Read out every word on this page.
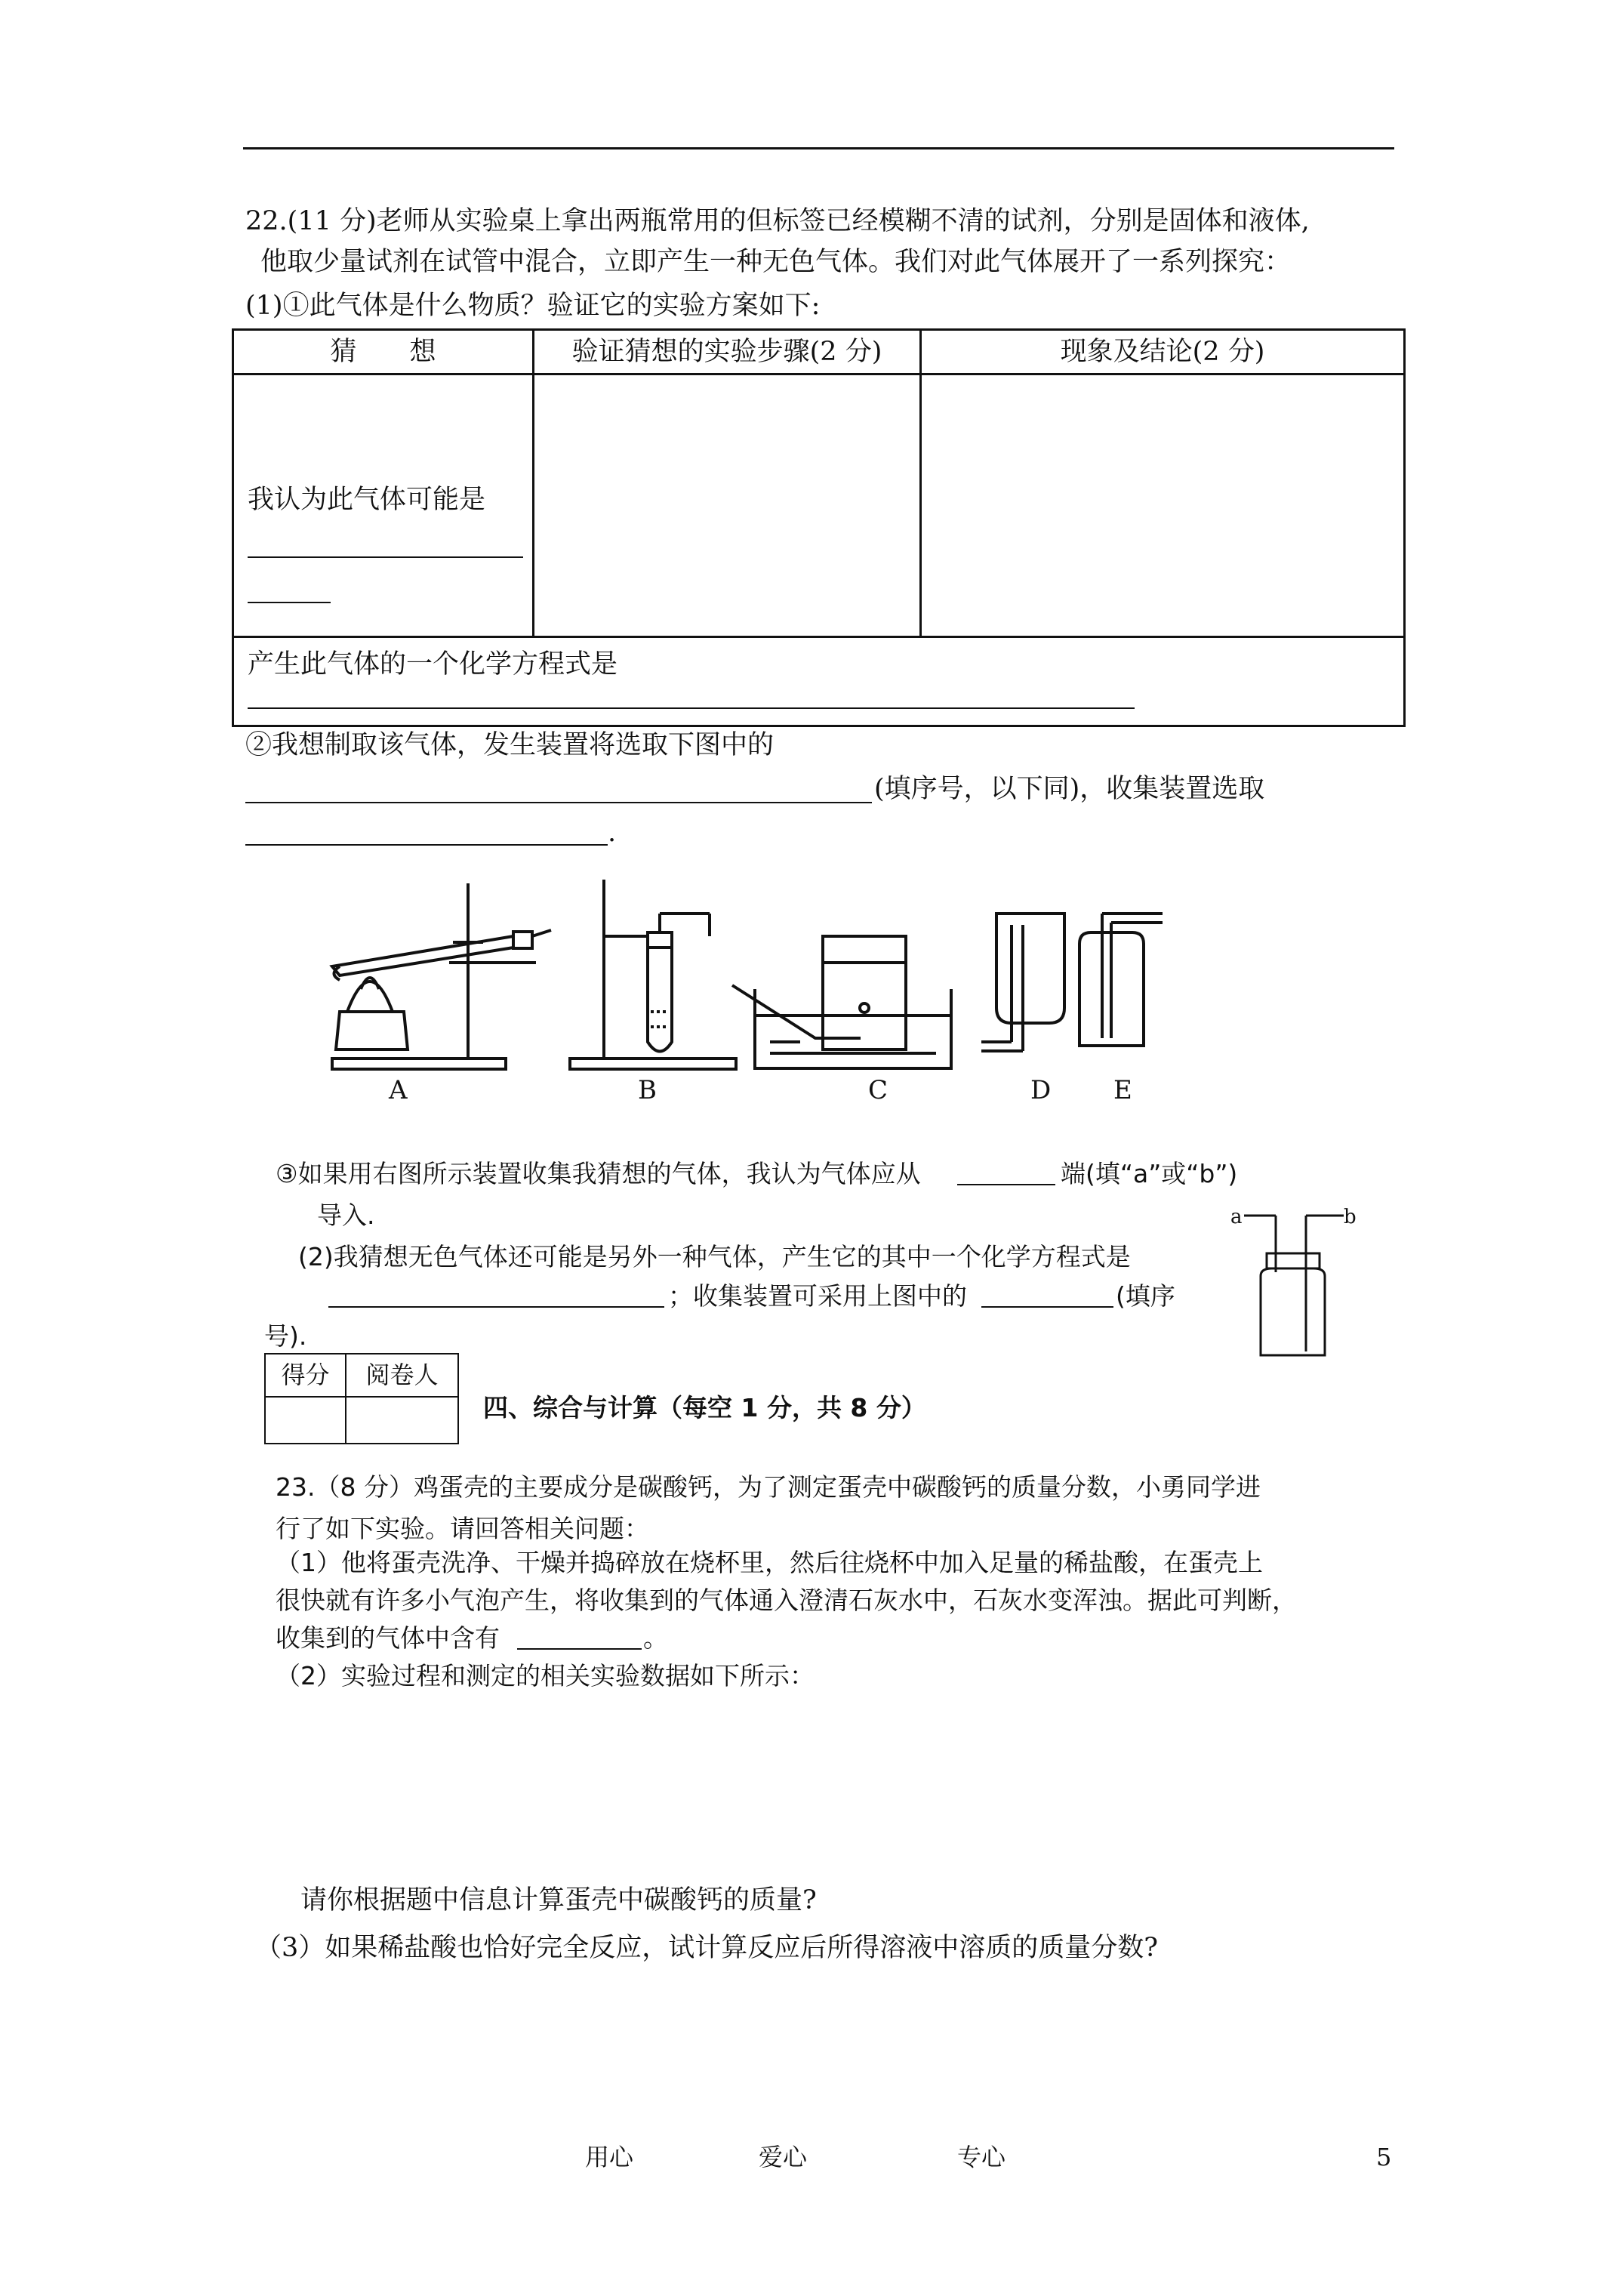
22.(11 分)老师从实验桌上拿出两瓶常用的但标签已经模糊不清的试剂，分别是固体和液体,
他取少量试剂在试管中混合，立即产生一种无色气体。我们对此气体展开了一系列探究：
(1)①此气体是什么物质？验证它的实验方案如下:
猜　　想	验证猜想的实验步骤(2 分)	现象及结论(2 分)

我认为此气体可能是		

产生此气体的一个化学方程式是		
②我想制取该气体，发生装置将选取下图中的
(填序号，以下同)，收集装置选取
.
A	B	C	D E
③如果用右图所示装置收集我猜想的气体，我认为气体应从	端(填“a”或“b”)
导入.	a	b
(2)我猜想无色气体还可能是另外一种气体，产生它的其中一个化学方程式是
；收集装置可采用上图中的	(填序
号).
得分	阅卷人

四、综合与计算（每空 1 分，共 8 分）
23.（8 分）鸡蛋壳的主要成分是碳酸钙，为了测定蛋壳中碳酸钙的质量分数，小勇同学进
行了如下实验。请回答相关问题：
（1）他将蛋壳洗净、干燥并捣碎放在烧杯里，然后往烧杯中加入足量的稀盐酸，在蛋壳上
很快就有许多小气泡产生，将收集到的气体通入澄清石灰水中，石灰水变浑浊。据此可判断，
收集到的气体中含有	。
（2）实验过程和测定的相关实验数据如下所示：
请你根据题中信息计算蛋壳中碳酸钙的质量?
（3）如果稀盐酸也恰好完全反应，试计算反应后所得溶液中溶质的质量分数?
用心	爱心	专心	5
